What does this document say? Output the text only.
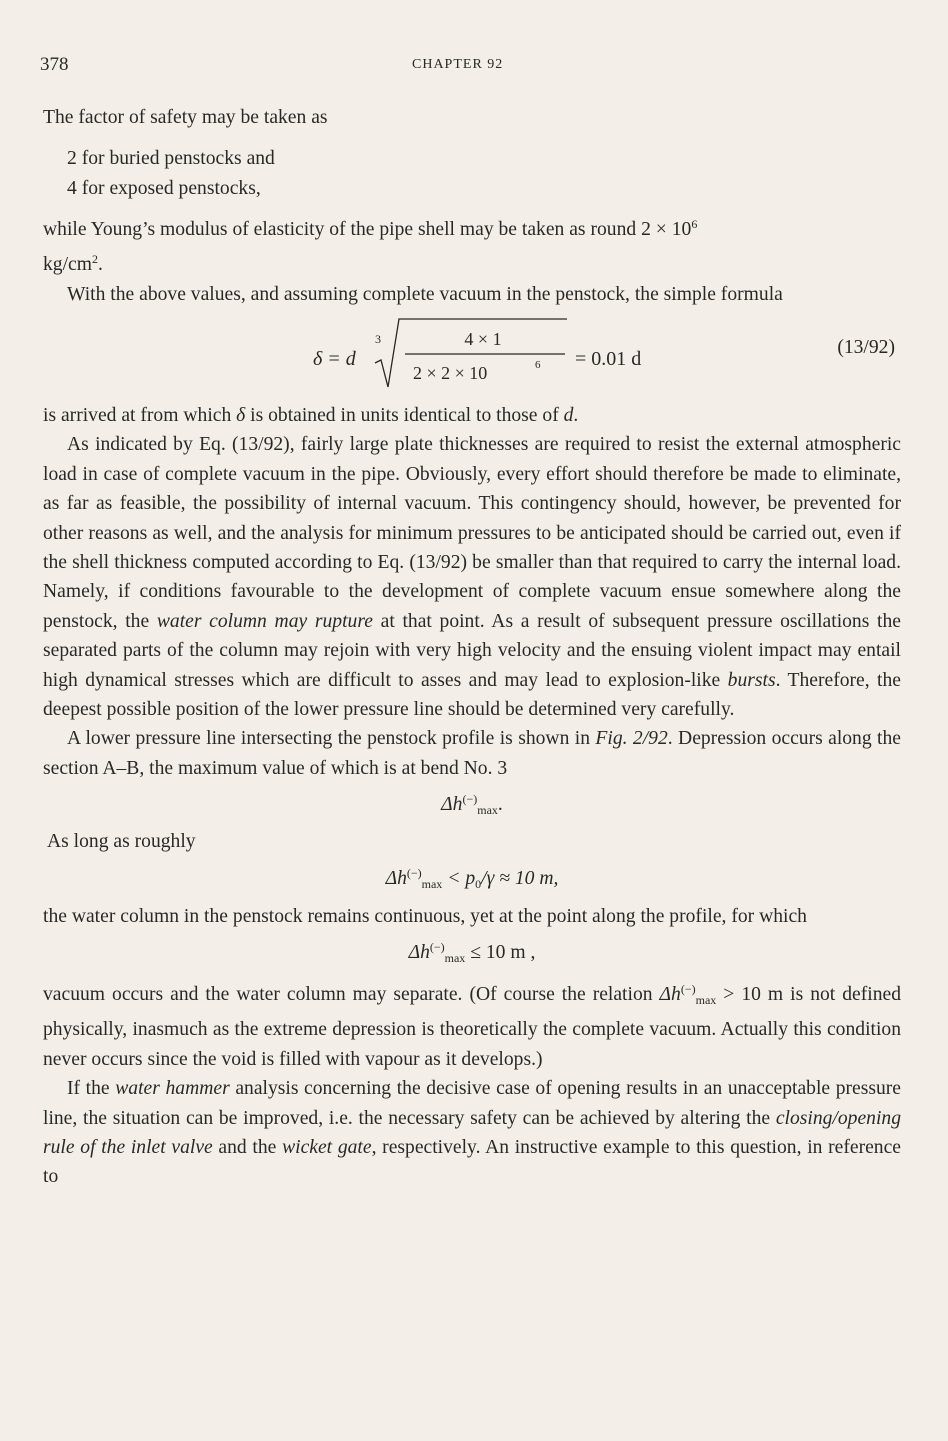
378	CHAPTER 92

The factor of safety may be taken as

2 for buried penstocks and

4 for exposed penstocks,

while Young’s modulus of elasticity of the pipe shell may be taken as round $2 \times 10^6$
$kg/cm^2$.

With the above values, and assuming complete vacuum in the penstock, the simple formula

δ = d
3	4 × 1
2 × 2 × 10	6 = 0.01 d
(13/92)

is arrived at from which δ is obtained in units identical to those of d.

As indicated by Eq. (13/92), fairly large plate thicknesses are required to resist the external atmospheric load in case of complete vacuum in the pipe. Obviously, every effort should therefore be made to eliminate, as far as feasible, the possibility of internal vacuum. This contingency should, however, be prevented for other reasons as well, and the analysis for minimum pressures to be anticipated should be carried out, even if the shell thickness computed according to Eq. (13/92) be smaller than that required to carry the internal load. Namely, if conditions favourable to the development of complete vacuum ensue somewhere along the penstock, the water column may rupture at that point. As a result of subsequent pressure oscillations the separated parts of the column may rejoin with very high velocity and the ensuing violent impact may entail high dynamical stresses which are difficult to asses and may lead to explosion-like bursts. Therefore, the deepest possible position of the lower pressure line should be determined very carefully.

A lower pressure line intersecting the penstock profile is shown in Fig. 2/92. Depression occurs along the section A–B, the maximum value of which is at bend No. 3

Δh(−)max.
As long as roughly
Δh(−)max < p0/γ ≈ 10 m,

the water column in the penstock remains continuous, yet at the point along the profile, for which

Δh(−)max ≤ 10 m ,

vacuum occurs and the water column may separate. (Of course the relation Δh(−)max > 10 m is not defined physically, inasmuch as the extreme depression is theoretically the complete vacuum. Actually this condition never occurs since the void is filled with vapour as it develops.)

If the water hammer analysis concerning the decisive case of opening results in an unacceptable pressure line, the situation can be improved, i.e. the necessary safety can be achieved by altering the closing/opening rule of the inlet valve and the wicket gate, respectively. An instructive example to this question, in reference to
